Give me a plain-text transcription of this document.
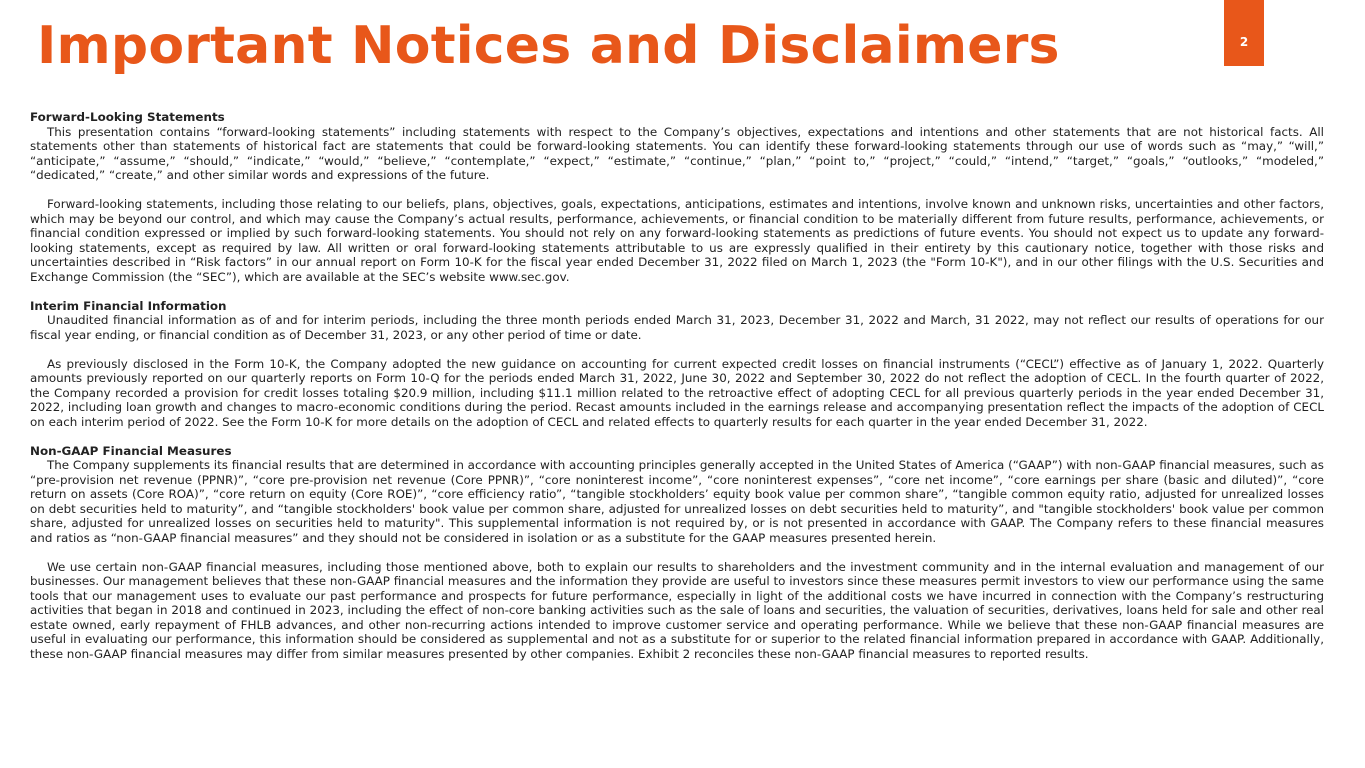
Important Notices and Disclaimers	2

Forward-Looking Statements

This presentation contains “forward-looking statements” including statements with respect to the Company’s objectives, expectations and intentions and other statements that are not historical facts. All statements other than statements of historical fact are statements that could be forward-looking statements. You can identify these forward-looking statements through our use of words such as “may,” “will,” “anticipate,” “assume,” “should,” “indicate,” “would,” “believe,” “contemplate,” “expect,” “estimate,” “continue,” “plan,” “point to,” “project,” “could,” “intend,” “target,” “goals,” “outlooks,” “modeled,” “dedicated,” “create,” and other similar words and expressions of the future.

Forward-looking statements, including those relating to our beliefs, plans, objectives, goals, expectations, anticipations, estimates and intentions, involve known and unknown risks, uncertainties and other factors, which may be beyond our control, and which may cause the Company’s actual results, performance, achievements, or financial condition to be materially different from future results, performance, achievements, or financial condition expressed or implied by such forward-looking statements. You should not rely on any forward-looking statements as predictions of future events. You should not expect us to update any forward-looking statements, except as required by law. All written or oral forward-looking statements attributable to us are expressly qualified in their entirety by this cautionary notice, together with those risks and uncertainties described in “Risk factors” in our annual report on Form 10-K for the fiscal year ended December 31, 2022 filed on March 1, 2023 (the "Form 10-K"), and in our other filings with the U.S. Securities and Exchange Commission (the “SEC”), which are available at the SEC’s website www.sec.gov.

Interim Financial Information

Unaudited financial information as of and for interim periods, including the three month periods ended March 31, 2023, December 31, 2022 and March, 31 2022, may not reflect our results of operations for our fiscal year ending, or financial condition as of December 31, 2023, or any other period of time or date.

As previously disclosed in the Form 10-K, the Company adopted the new guidance on accounting for current expected credit losses on financial instruments (“CECL”) effective as of January 1, 2022. Quarterly amounts previously reported on our quarterly reports on Form 10-Q for the periods ended March 31, 2022, June 30, 2022 and September 30, 2022 do not reflect the adoption of CECL. In the fourth quarter of 2022, the Company recorded a provision for credit losses totaling $20.9 million, including $11.1 million related to the retroactive effect of adopting CECL for all previous quarterly periods in the year ended December 31, 2022, including loan growth and changes to macro-economic conditions during the period. Recast amounts included in the earnings release and accompanying presentation reflect the impacts of the adoption of CECL on each interim period of 2022. See the Form 10-K for more details on the adoption of CECL and related effects to quarterly results for each quarter in the year ended December 31, 2022.

Non-GAAP Financial Measures

The Company supplements its financial results that are determined in accordance with accounting principles generally accepted in the United States of America (“GAAP”) with non-GAAP financial measures, such as “pre-provision net revenue (PPNR)”, “core pre-provision net revenue (Core PPNR)”, “core noninterest income”, “core noninterest expenses”, “core net income”, “core earnings per share (basic and diluted)”, “core return on assets (Core ROA)”, “core return on equity (Core ROE)”, “core efficiency ratio”, “tangible stockholders’ equity book value per common share”, “tangible common equity ratio, adjusted for unrealized losses on debt securities held to maturity”, and “tangible stockholders' book value per common share, adjusted for unrealized losses on debt securities held to maturity”, and "tangible stockholders' book value per common share, adjusted for unrealized losses on securities held to maturity". This supplemental information is not required by, or is not presented in accordance with GAAP. The Company refers to these financial measures and ratios as “non-GAAP financial measures” and they should not be considered in isolation or as a substitute for the GAAP measures presented herein.

We use certain non-GAAP financial measures, including those mentioned above, both to explain our results to shareholders and the investment community and in the internal evaluation and management of our businesses. Our management believes that these non-GAAP financial measures and the information they provide are useful to investors since these measures permit investors to view our performance using the same tools that our management uses to evaluate our past performance and prospects for future performance, especially in light of the additional costs we have incurred in connection with the Company’s restructuring activities that began in 2018 and continued in 2023, including the effect of non-core banking activities such as the sale of loans and securities, the valuation of securities, derivatives, loans held for sale and other real estate owned, early repayment of FHLB advances, and other non-recurring actions intended to improve customer service and operating performance. While we believe that these non-GAAP financial measures are useful in evaluating our performance, this information should be considered as supplemental and not as a substitute for or superior to the related financial information prepared in accordance with GAAP. Additionally, these non-GAAP financial measures may differ from similar measures presented by other companies. Exhibit 2 reconciles these non-GAAP financial measures to reported results.
